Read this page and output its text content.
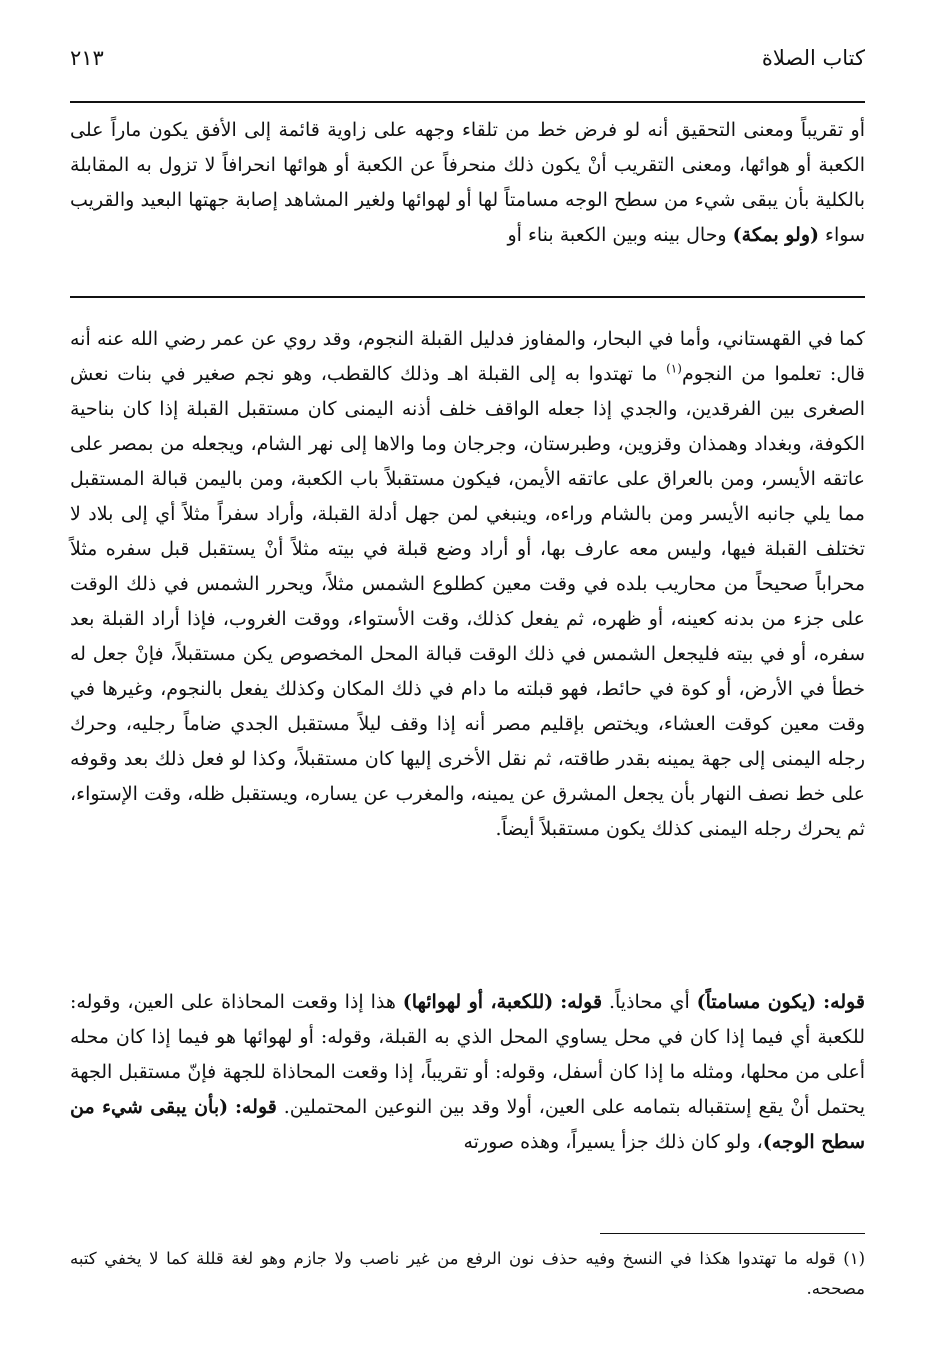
كتاب الصلاة
٢١٣

أو تقريباً ومعنى التحقيق أنه لو فرض خط من تلقاء وجهه على زاوية قائمة إلى الأفق يكون ماراً على الكعبة أو هوائها، ومعنى التقريب أنْ يكون ذلك منحرفاً عن الكعبة أو هوائها انحرافاً لا تزول به المقابلة بالكلية بأن يبقى شيء من سطح الوجه مسامتاً لها أو لهوائها ولغير المشاهد إصابة جهتها البعيد والقريب سواء (ولو بمكة) وحال بينه وبين الكعبة بناء أو

كما في القهستاني، وأما في البحار، والمفاوز فدليل القبلة النجوم، وقد روي عن عمر رضي الله عنه أنه قال: تعلموا من النجوم$^{(١)}$ ما تهتدوا به إلى القبلة اهـ وذلك كالقطب، وهو نجم صغير في بنات نعش الصغرى بين الفرقدين، والجدي إذا جعله الواقف خلف أذنه اليمنى كان مستقبل القبلة إذا كان بناحية الكوفة، وبغداد وهمذان وقزوين، وطبرستان، وجرجان وما والاها إلى نهر الشام، ويجعله من بمصر على عاتقه الأيسر، ومن بالعراق على عاتقه الأيمن، فيكون مستقبلاً باب الكعبة، ومن باليمن قبالة المستقبل مما يلي جانبه الأيسر ومن بالشام وراءه، وينبغي لمن جهل أدلة القبلة، وأراد سفراً مثلاً أي إلى بلاد لا تختلف القبلة فيها، وليس معه عارف بها، أو أراد وضع قبلة في بيته مثلاً أنْ يستقبل قبل سفره مثلاً محراباً صحيحاً من محاريب بلده في وقت معين كطلوع الشمس مثلاً، ويحرر الشمس في ذلك الوقت على جزء من بدنه كعينه، أو ظهره، ثم يفعل كذلك، وقت الأستواء، ووقت الغروب، فإذا أراد القبلة بعد سفره، أو في بيته فليجعل الشمس في ذلك الوقت قبالة المحل المخصوص يكن مستقبلاً، فإنْ جعل له خطأ في الأرض، أو كوة في حائط، فهو قبلته ما دام في ذلك المكان وكذلك يفعل بالنجوم، وغيرها في وقت معين كوقت العشاء، ويختص بإقليم مصر أنه إذا وقف ليلاً مستقبل الجدي ضاماً رجليه، وحرك رجله اليمنى إلى جهة يمينه بقدر طاقته، ثم نقل الأخرى إليها كان مستقبلاً، وكذا لو فعل ذلك بعد وقوفه على خط نصف النهار بأن يجعل المشرق عن يمينه، والمغرب عن يساره، ويستقبل ظله، وقت الإستواء، ثم يحرك رجله اليمنى كذلك يكون مستقبلاً أيضاً.

قوله: (يكون مسامتاً) أي محاذياً. قوله: (للكعبة، أو لهوائها) هذا إذا وقعت المحاذاة على العين، وقوله: للكعبة أي فيما إذا كان في محل يساوي المحل الذي به القبلة، وقوله: أو لهوائها هو فيما إذا كان محله أعلى من محلها، ومثله ما إذا كان أسفل، وقوله: أو تقريباً، إذا وقعت المحاذاة للجهة فإنّ مستقبل الجهة يحتمل أنْ يقع إستقباله بتمامه على العين، أولا وقد بين النوعين المحتملين. قوله: (بأن يبقى شيء من سطح الوجه)، ولو كان ذلك جزأ يسيراً، وهذه صورته

(١) قوله ما تهتدوا هكذا في النسخ وفيه حذف نون الرفع من غير ناصب ولا جازم وهو لغة قللة كما لا يخفي كتبه مصححه.
